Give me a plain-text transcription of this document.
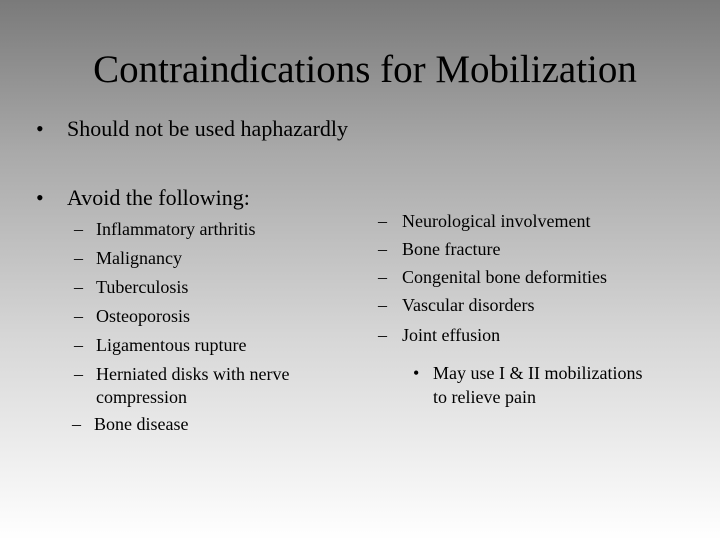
Contraindications for Mobilization
• Should not be used haphazardly
• Avoid the following:
– Inflammatory arthritis
– Malignancy
– Tuberculosis
– Osteoporosis
– Ligamentous rupture
– Herniated disks with nerve compression
– Bone disease
– Neurological involvement
– Bone fracture
– Congenital bone deformities
– Vascular disorders
– Joint effusion
• May use I & II mobilizations to relieve pain
